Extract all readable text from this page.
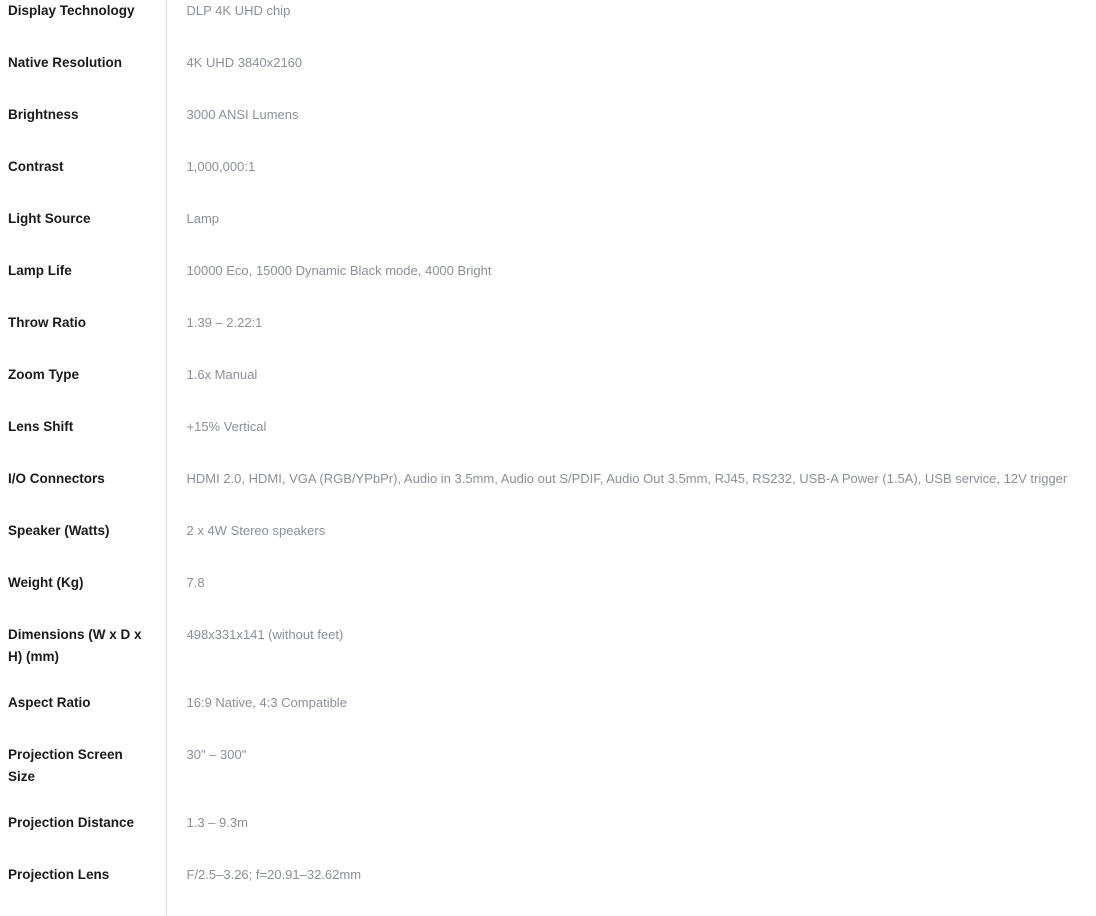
Display Technology	DLP 4K UHD chip
Native Resolution	4K UHD 3840x2160
Brightness	3000 ANSI Lumens
Contrast	1,000,000:1
Light Source	Lamp
Lamp Life	10000 Eco, 15000 Dynamic Black mode, 4000 Bright
Throw Ratio	1.39 – 2.22:1
Zoom Type	1.6x Manual
Lens Shift	+15% Vertical
I/O Connectors	HDMI 2.0, HDMI, VGA (RGB/YPbPr), Audio in 3.5mm, Audio out S/PDIF, Audio Out 3.5mm, RJ45, RS232, USB-A Power (1.5A), USB service, 12V trigger
Speaker (Watts)	2 x 4W Stereo speakers
Weight (Kg)	7.8
Dimensions (W x D x H) (mm)	498x331x141 (without feet)
Aspect Ratio	16:9 Native, 4:3 Compatible
Projection Screen Size	30" – 300"
Projection Distance	1.3 – 9.3m
Projection Lens	F/2.5–3.26; f=20.91–32.62mm
